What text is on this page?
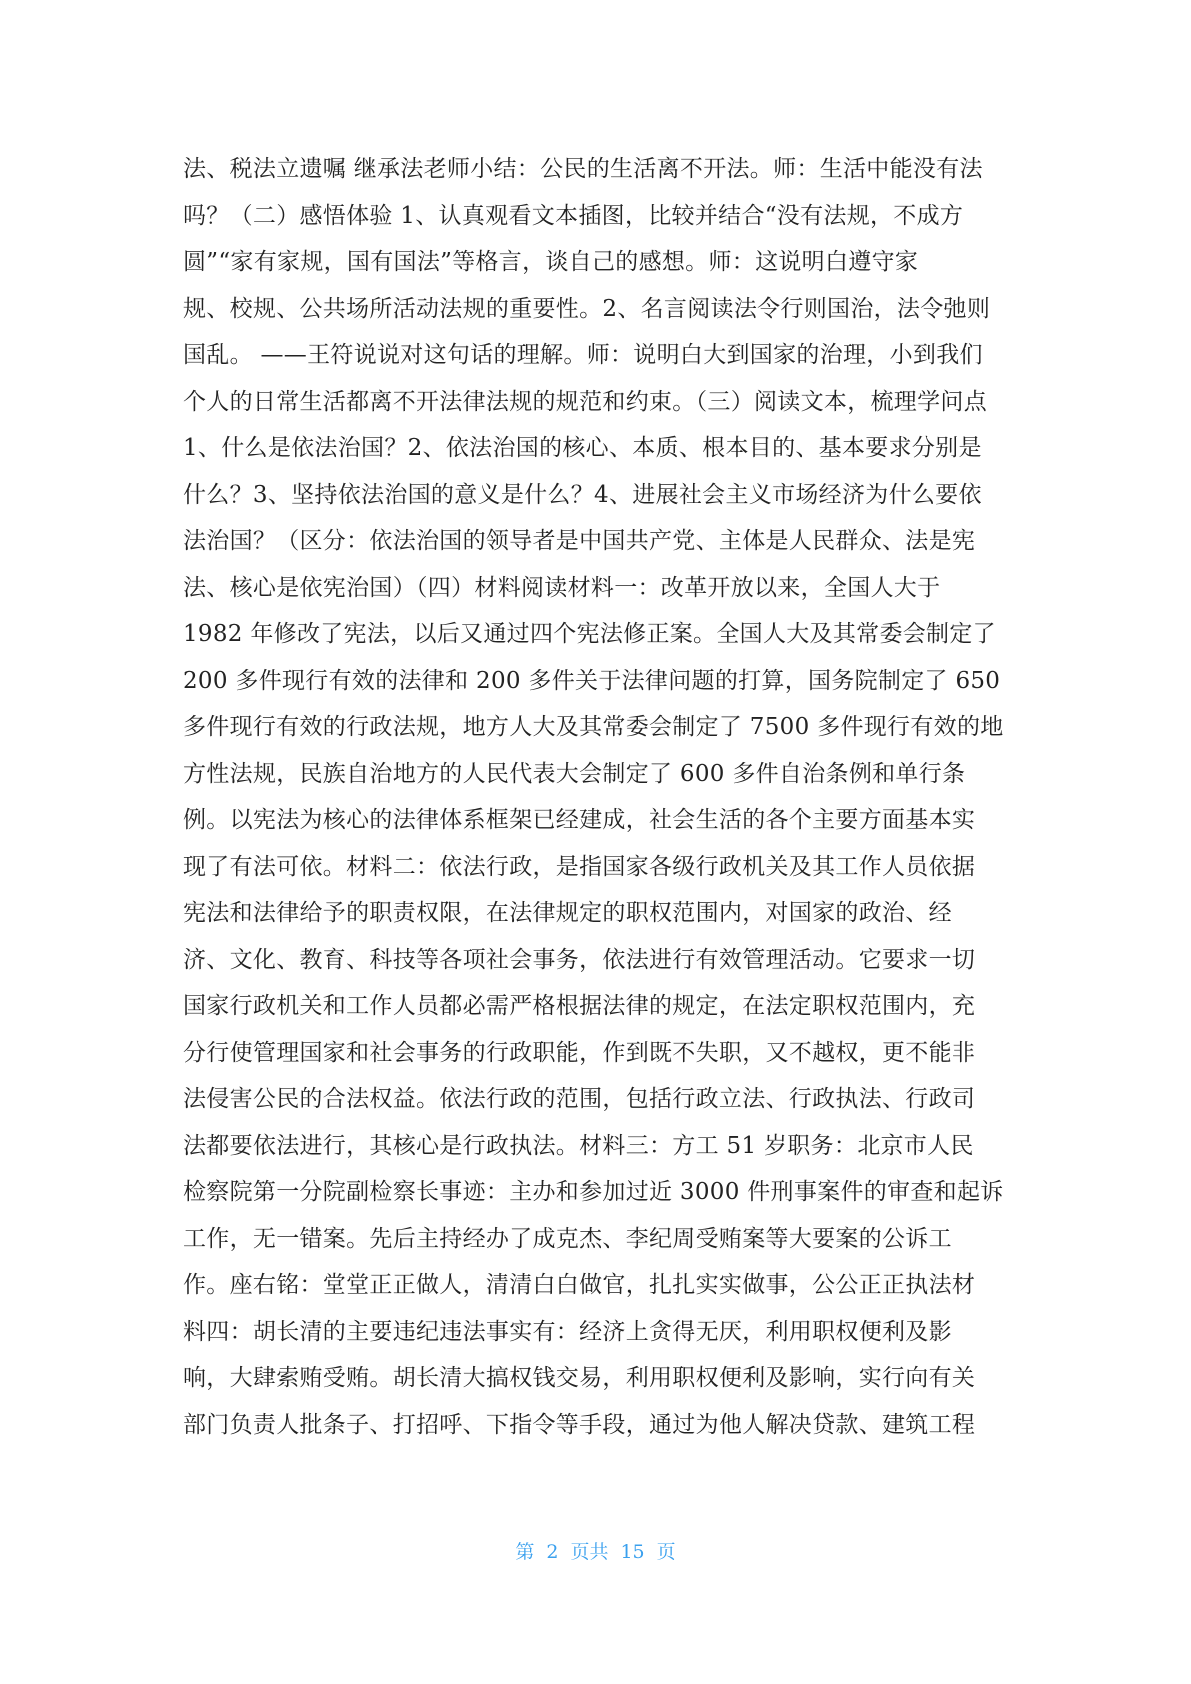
法、税法立遗嘱 继承法老师小结：公民的生活离不开法。师：生活中能没有法
吗？（二）感悟体验 1、认真观看文本插图，比较并结合“没有法规，不成方
圆”“家有家规，国有国法”等格言，谈自己的感想。师：这说明白遵守家
规、校规、公共场所活动法规的重要性。2、名言阅读法令行则国治，法令弛则
国乱。 ——王符说说对这句话的理解。师：说明白大到国家的治理，小到我们
个人的日常生活都离不开法律法规的规范和约束。（三）阅读文本，梳理学问点
1、什么是依法治国？2、依法治国的核心、本质、根本目的、基本要求分别是
什么？3、坚持依法治国的意义是什么？4、进展社会主义市场经济为什么要依
法治国？（区分：依法治国的领导者是中国共产党、主体是人民群众、法是宪
法、核心是依宪治国）（四）材料阅读材料一：改革开放以来，全国人大于
1982 年修改了宪法，以后又通过四个宪法修正案。全国人大及其常委会制定了
200 多件现行有效的法律和 200 多件关于法律问题的打算，国务院制定了 650
多件现行有效的行政法规，地方人大及其常委会制定了 7500 多件现行有效的地
方性法规，民族自治地方的人民代表大会制定了 600 多件自治条例和单行条
例。以宪法为核心的法律体系框架已经建成，社会生活的各个主要方面基本实
现了有法可依。材料二：依法行政，是指国家各级行政机关及其工作人员依据
宪法和法律给予的职责权限，在法律规定的职权范围内，对国家的政治、经
济、文化、教育、科技等各项社会事务，依法进行有效管理活动。它要求一切
国家行政机关和工作人员都必需严格根据法律的规定，在法定职权范围内，充
分行使管理国家和社会事务的行政职能，作到既不失职，又不越权，更不能非
法侵害公民的合法权益。依法行政的范围，包括行政立法、行政执法、行政司
法都要依法进行，其核心是行政执法。材料三：方工 51 岁职务：北京市人民
检察院第一分院副检察长事迹：主办和参加过近 3000 件刑事案件的审查和起诉
工作，无一错案。先后主持经办了成克杰、李纪周受贿案等大要案的公诉工
作。座右铭：堂堂正正做人，清清白白做官，扎扎实实做事，公公正正执法材
料四：胡长清的主要违纪违法事实有：经济上贪得无厌，利用职权便利及影
响，大肆索贿受贿。胡长清大搞权钱交易，利用职权便利及影响，实行向有关
部门负责人批条子、打招呼、下指令等手段，通过为他人解决贷款、建筑工程
第 2 页共 15 页
